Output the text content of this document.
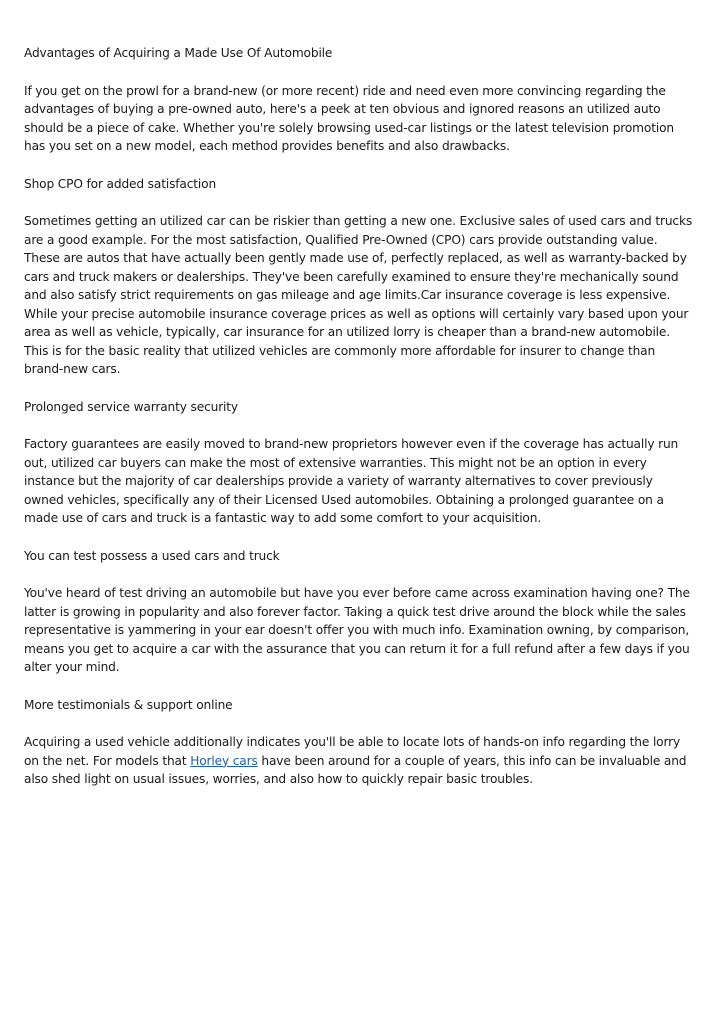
Advantages of Acquiring a Made Use Of Automobile

If you get on the prowl for a brand-new (or more recent) ride and need even more convincing regarding the advantages of buying a pre-owned auto, here's a peek at ten obvious and ignored reasons an utilized auto should be a piece of cake. Whether you're solely browsing used-car listings or the latest television promotion has you set on a new model, each method provides benefits and also drawbacks.

Shop CPO for added satisfaction

Sometimes getting an utilized car can be riskier than getting a new one. Exclusive sales of used cars and trucks are a good example. For the most satisfaction, Qualified Pre-Owned (CPO) cars provide outstanding value. These are autos that have actually been gently made use of, perfectly replaced, as well as warranty-backed by cars and truck makers or dealerships. They've been carefully examined to ensure they're mechanically sound and also satisfy strict requirements on gas mileage and age limits.Car insurance coverage is less expensive. While your precise automobile insurance coverage prices as well as options will certainly vary based upon your area as well as vehicle, typically, car insurance for an utilized lorry is cheaper than a brand-new automobile. This is for the basic reality that utilized vehicles are commonly more affordable for insurer to change than brand-new cars.

Prolonged service warranty security

Factory guarantees are easily moved to brand-new proprietors however even if the coverage has actually run out, utilized car buyers can make the most of extensive warranties. This might not be an option in every instance but the majority of car dealerships provide a variety of warranty alternatives to cover previously owned vehicles, specifically any of their Licensed Used automobiles. Obtaining a prolonged guarantee on a made use of cars and truck is a fantastic way to add some comfort to your acquisition.

You can test possess a used cars and truck

You've heard of test driving an automobile but have you ever before came across examination having one? The latter is growing in popularity and also forever factor. Taking a quick test drive around the block while the sales representative is yammering in your ear doesn't offer you with much info. Examination owning, by comparison, means you get to acquire a car with the assurance that you can return it for a full refund after a few days if you alter your mind.

More testimonials & support online

Acquiring a used vehicle additionally indicates you'll be able to locate lots of hands-on info regarding the lorry on the net. For models that Horley cars have been around for a couple of years, this info can be invaluable and also shed light on usual issues, worries, and also how to quickly repair basic troubles.
